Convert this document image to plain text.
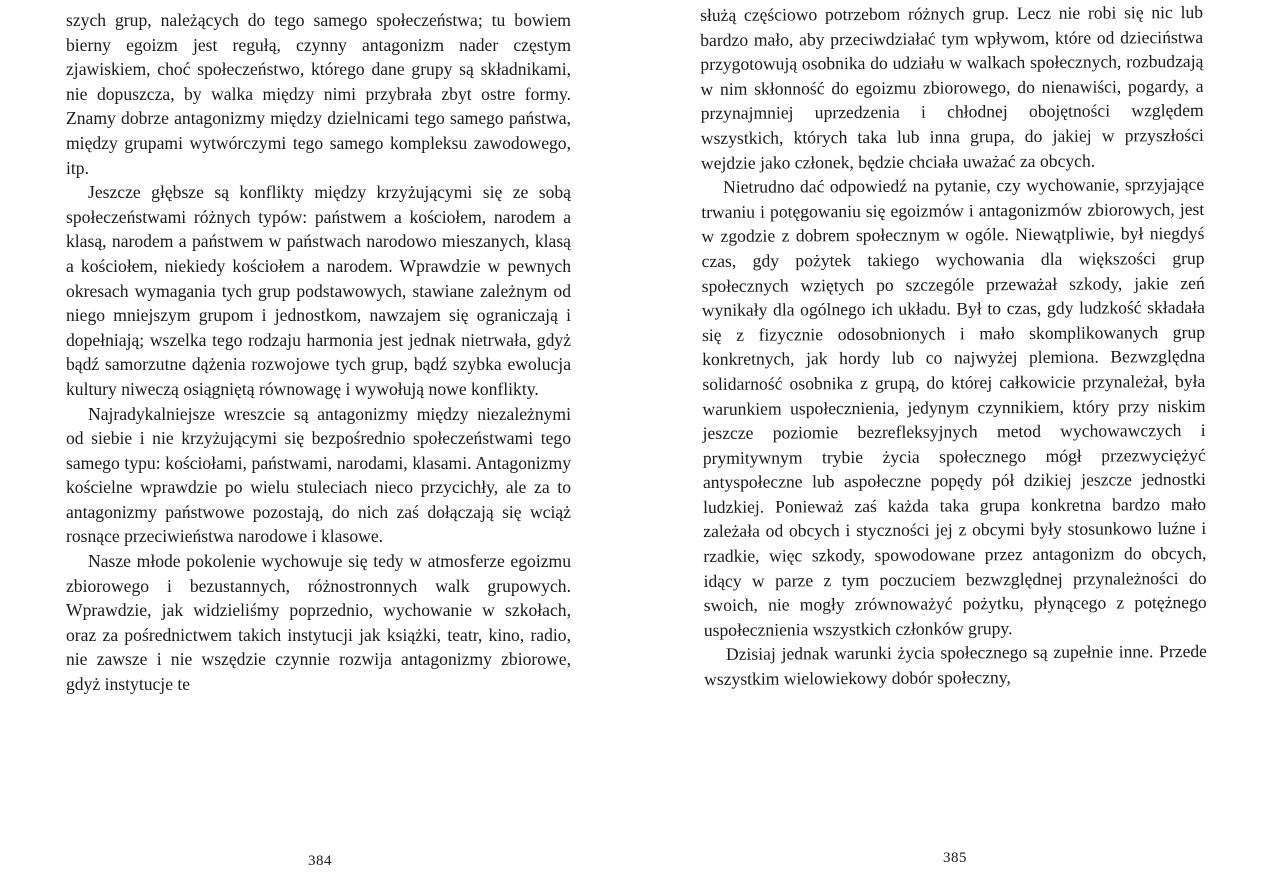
szych grup, należących do tego samego społeczeństwa; tu bowiem bierny egoizm jest regułą, czynny antagonizm nader częstym zjawiskiem, choć społeczeństwo, którego dane grupy są składnikami, nie dopuszcza, by walka między nimi przybrała zbyt ostre formy. Znamy dobrze antagonizmy między dzielnicami tego samego państwa, między grupami wytwórczymi tego samego kompleksu zawodowego, itp.

Jeszcze głębsze są konflikty między krzyżującymi się ze sobą społeczeństwami różnych typów: państwem a kościołem, narodem a klasą, narodem a państwem w państwach narodowo mieszanych, klasą a kościołem, niekiedy kościołem a narodem. Wprawdzie w pewnych okresach wymagania tych grup podstawowych, stawiane zależnym od niego mniejszym grupom i jednostkom, nawzajem się ograniczają i dopełniają; wszelka tego rodzaju harmonia jest jednak nietrwała, gdyż bądź samorzutne dążenia rozwojowe tych grup, bądź szybka ewolucja kultury niweczą osiągniętą równowagę i wywołują nowe konflikty.

Najradykalniejsze wreszcie są antagonizmy między niezależnymi od siebie i nie krzyżującymi się bezpośrednio społeczeństwami tego samego typu: kościołami, państwami, narodami, klasami. Antagonizmy kościelne wprawdzie po wielu stuleciach nieco przycichły, ale za to antagonizmy państwowe pozostają, do nich zaś dołączają się wciąż rosnące przeciwieństwa narodowe i klasowe.

Nasze młode pokolenie wychowuje się tedy w atmosferze egoizmu zbiorowego i bezustannych, różnostronnych walk grupowych. Wprawdzie, jak widzieliśmy poprzednio, wychowanie w szkołach, oraz za pośrednictwem takich instytucji jak książki, teatr, kino, radio, nie zawsze i nie wszędzie czynnie rozwija antagonizmy zbiorowe, gdyż instytucje te

384

służą częściowo potrzebom różnych grup. Lecz nie robi się nic lub bardzo mało, aby przeciwdziałać tym wpływom, które od dzieciństwa przygotowują osobnika do udziału w walkach społecznych, rozbudzają w nim skłonność do egoizmu zbiorowego, do nienawiści, pogardy, a przynajmniej uprzedzenia i chłodnej obojętności względem wszystkich, których taka lub inna grupa, do jakiej w przyszłości wejdzie jako członek, będzie chciała uważać za obcych.

Nietrudno dać odpowiedź na pytanie, czy wychowanie, sprzyjające trwaniu i potęgowaniu się egoizmów i antagonizmów zbiorowych, jest w zgodzie z dobrem społecznym w ogóle. Niewątpliwie, był niegdyś czas, gdy pożytek takiego wychowania dla większości grup społecznych wziętych po szczególe przeważał szkody, jakie zeń wynikały dla ogólnego ich układu. Był to czas, gdy ludzkość składała się z fizycznie odosobnionych i mało skomplikowanych grup konkretnych, jak hordy lub co najwyżej plemiona. Bezwzględna solidarność osobnika z grupą, do której całkowicie przynależał, była warunkiem uspołecznienia, jedynym czynnikiem, który przy niskim jeszcze poziomie bezrefleksyjnych metod wychowawczych i prymitywnym trybie życia społecznego mógł przezwyciężyć antyspołeczne lub aspołeczne popędy pół dzikiej jeszcze jednostki ludzkiej. Ponieważ zaś każda taka grupa konkretna bardzo mało zależała od obcych i styczności jej z obcymi były stosunkowo luźne i rzadkie, więc szkody, spowodowane przez antagonizm do obcych, idący w parze z tym poczuciem bezwzględnej przynależności do swoich, nie mogły zrównoważyć pożytku, płynącego z potężnego uspołecznienia wszystkich członków grupy.

Dzisiaj jednak warunki życia społecznego są zupełnie inne. Przede wszystkim wielowiekowy dobór społeczny,

385
